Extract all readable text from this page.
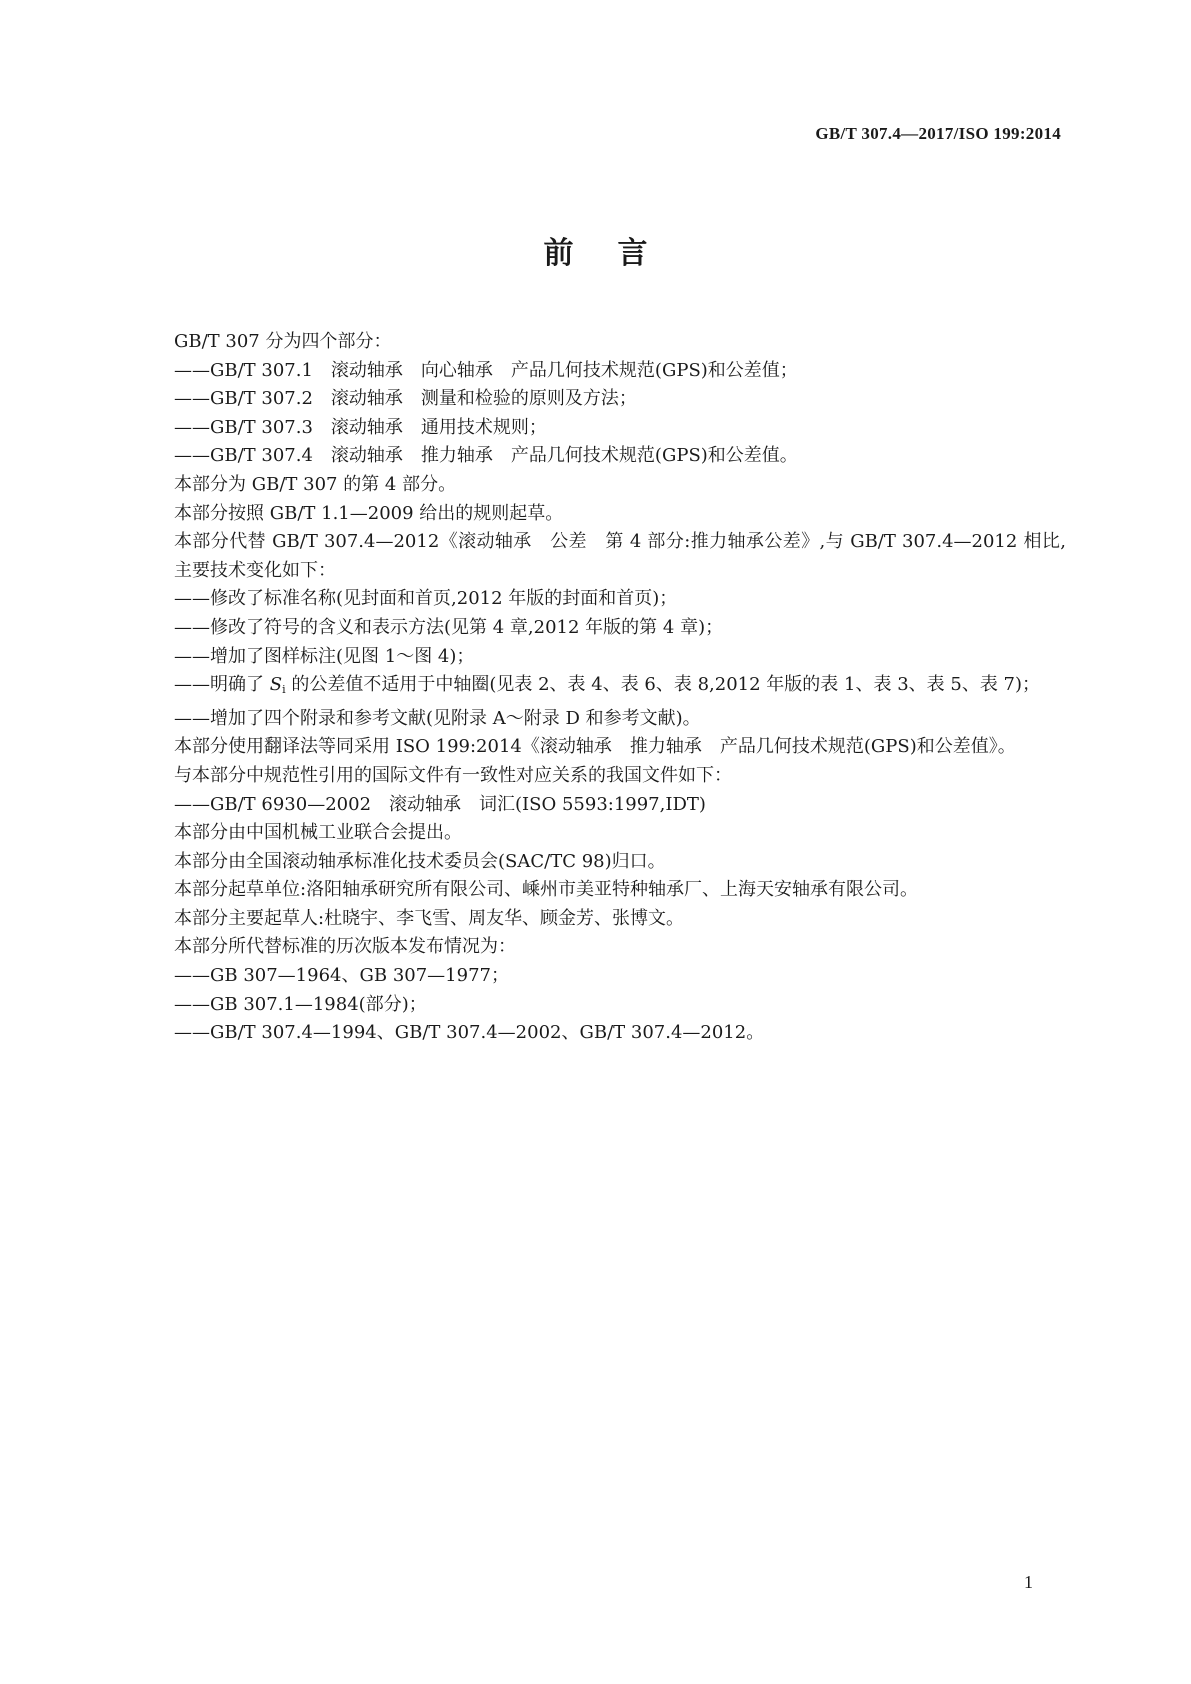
GB/T 307.4—2017/ISO 199:2014
前言

GB/T 307 分为四个部分：

——GB/T 307.1　滚动轴承　向心轴承　产品几何技术规范(GPS)和公差值；

——GB/T 307.2　滚动轴承　测量和检验的原则及方法；

——GB/T 307.3　滚动轴承　通用技术规则；

——GB/T 307.4　滚动轴承　推力轴承　产品几何技术规范(GPS)和公差值。

本部分为 GB/T 307 的第 4 部分。

本部分按照 GB/T 1.1—2009 给出的规则起草。

本部分代替 GB/T 307.4—2012《滚动轴承　公差　第 4 部分:推力轴承公差》,与 GB/T 307.4—2012 相比,主要技术变化如下：

——修改了标准名称(见封面和首页,2012 年版的封面和首页)；

——修改了符号的含义和表示方法(见第 4 章,2012 年版的第 4 章)；

——增加了图样标注(见图 1～图 4)；

——明确了 $S_i$ 的公差值不适用于中轴圈(见表 2、表 4、表 6、表 8,2012 年版的表 1、表 3、表 5、表 7)；

——增加了四个附录和参考文献(见附录 A～附录 D 和参考文献)。

本部分使用翻译法等同采用 ISO 199:2014《滚动轴承　推力轴承　产品几何技术规范(GPS)和公差值》。

与本部分中规范性引用的国际文件有一致性对应关系的我国文件如下：

——GB/T 6930—2002　滚动轴承　词汇(ISO 5593:1997,IDT)

本部分由中国机械工业联合会提出。

本部分由全国滚动轴承标准化技术委员会(SAC/TC 98)归口。

本部分起草单位:洛阳轴承研究所有限公司、嵊州市美亚特种轴承厂、上海天安轴承有限公司。

本部分主要起草人:杜晓宇、李飞雪、周友华、顾金芳、张博文。

本部分所代替标准的历次版本发布情况为：

——GB 307—1964、GB 307—1977；

——GB 307.1—1984(部分)；

——GB/T 307.4—1994、GB/T 307.4—2002、GB/T 307.4—2012。

1
